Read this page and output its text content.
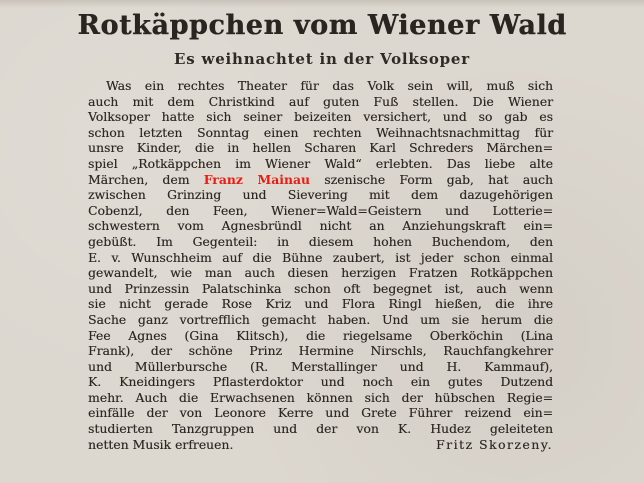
Rotkäppchen vom Wiener Wald
Es weihnachtet in der Volksoper
Was ein rechtes Theater für das Volk sein will, muß sich
auch mit dem Christkind auf guten Fuß stellen. Die Wiener
Volksoper hatte sich seiner beizeiten versichert, und so gab es
schon letzten Sonntag einen rechten Weihnachtsnachmittag für
unsre Kinder, die in hellen Scharen Karl Schreders Märchen=
spiel „Rotkäppchen im Wiener Wald“ erlebten. Das liebe alte
Märchen, dem Franz Mainau szenische Form gab, hat auch
zwischen Grinzing und Sievering mit dem dazugehörigen
Cobenzl, den Feen, Wiener=Wald=Geistern und Lotterie=
schwestern vom Agnesbründl nicht an Anziehungskraft ein=
gebüßt. Im Gegenteil: in diesem hohen Buchendom, den
E. v. Wunschheim auf die Bühne zaubert, ist jeder schon einmal
gewandelt, wie man auch diesen herzigen Fratzen Rotkäppchen
und Prinzessin Palatschinka schon oft begegnet ist, auch wenn
sie nicht gerade Rose Kriz und Flora Ringl hießen, die ihre
Sache ganz vortrefflich gemacht haben. Und um sie herum die
Fee Agnes (Gina Klitsch), die riegelsame Oberköchin (Lina
Frank), der schöne Prinz Hermine Nirschls, Rauchfangkehrer
und Müllerbursche (R. Merstallinger und H. Kammauf),
K. Kneidingers Pflasterdoktor und noch ein gutes Dutzend
mehr. Auch die Erwachsenen können sich der hübschen Regie=
einfälle der von Leonore Kerre und Grete Führer reizend ein=
studierten Tanzgruppen und der von K. Hudez geleiteten
netten Musik erfreuen.	Fritz Skorzeny.
